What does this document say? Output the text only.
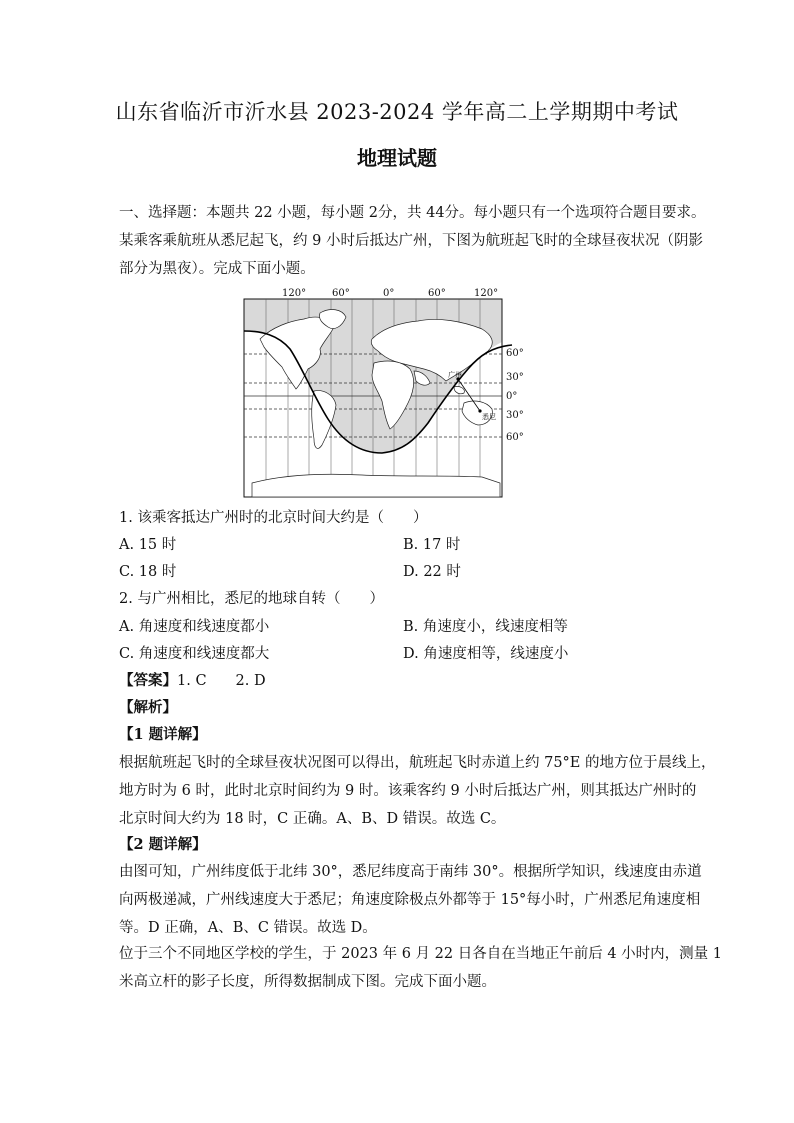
山东省临沂市沂水县 2023-2024 学年高二上学期期中考试
地理试题
一、选择题：本题共 22 小题，每小题 2分，共 44分。每小题只有一个选项符合题目要求。
某乘客乘航班从悉尼起飞，约 9 小时后抵达广州，下图为航班起飞时的全球昼夜状况（阴影
部分为黑夜）。完成下面小题。
120°	60°	0°	60°	120°
广州
悉尼
60°
30°
0°
30°
60°
1. 该乘客抵达广州时的北京时间大约是（　　）
A. 15 时	B. 17 时
C. 18 时	D. 22 时
2. 与广州相比，悉尼的地球自转（　　）
A. 角速度和线速度都小	B. 角速度小，线速度相等
C. 角速度和线速度都大	D. 角速度相等，线速度小
【答案】1. C　　2. D
【解析】
【1 题详解】
根据航班起飞时的全球昼夜状况图可以得出，航班起飞时赤道上约 75°E 的地方位于晨线上，
地方时为 6 时，此时北京时间约为 9 时。该乘客约 9 小时后抵达广州，则其抵达广州时的
北京时间大约为 18 时，C 正确。A、B、D 错误。故选 C。
【2 题详解】
由图可知，广州纬度低于北纬 30°，悉尼纬度高于南纬 30°。根据所学知识，线速度由赤道
向两极递减，广州线速度大于悉尼；角速度除极点外都等于 15°每小时，广州悉尼角速度相
等。D 正确，A、B、C 错误。故选 D。
位于三个不同地区学校的学生，于 2023 年 6 月 22 日各自在当地正午前后 4 小时内，测量 1
米高立杆的影子长度，所得数据制成下图。完成下面小题。
